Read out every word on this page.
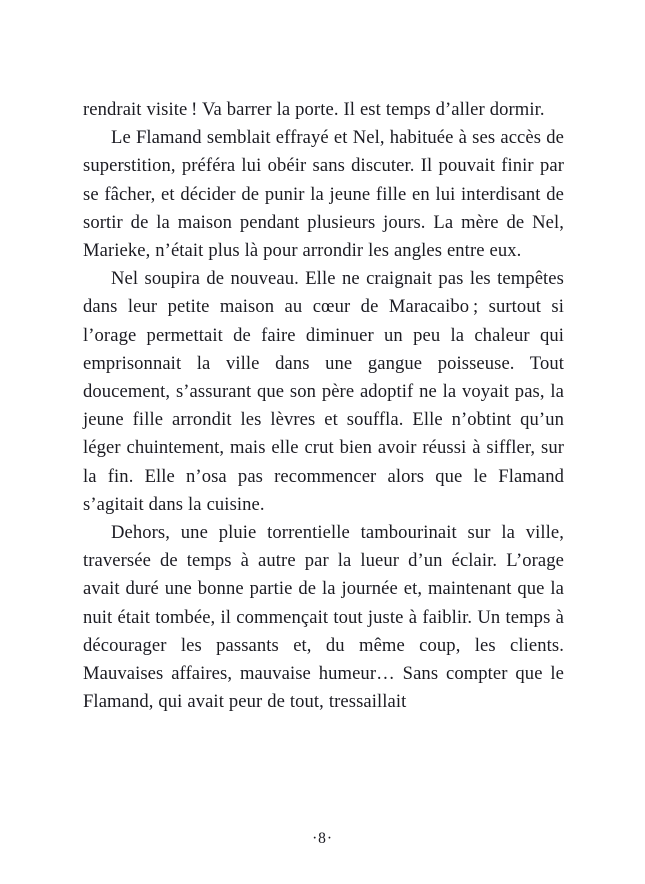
rendrait visite ! Va barrer la porte. Il est temps d’aller dormir.

Le Flamand semblait effrayé et Nel, habituée à ses accès de superstition, préféra lui obéir sans discuter. Il pouvait finir par se fâcher, et décider de punir la jeune fille en lui interdisant de sortir de la maison pendant plusieurs jours. La mère de Nel, Marieke, n’était plus là pour arrondir les angles entre eux.

Nel soupira de nouveau. Elle ne craignait pas les tempêtes dans leur petite maison au cœur de Maracaibo ; surtout si l’orage permettait de faire diminuer un peu la chaleur qui emprisonnait la ville dans une gangue poisseuse. Tout doucement, s’assurant que son père adoptif ne la voyait pas, la jeune fille arrondit les lèvres et souffla. Elle n’obtint qu’un léger chuintement, mais elle crut bien avoir réussi à siffler, sur la fin. Elle n’osa pas recommencer alors que le Flamand s’agitait dans la cuisine.

Dehors, une pluie torrentielle tambourinait sur la ville, traversée de temps à autre par la lueur d’un éclair. L’orage avait duré une bonne partie de la journée et, maintenant que la nuit était tombée, il commençait tout juste à faiblir. Un temps à décourager les passants et, du même coup, les clients. Mauvaises affaires, mauvaise humeur… Sans compter que le Flamand, qui avait peur de tout, tressaillait

·8·
